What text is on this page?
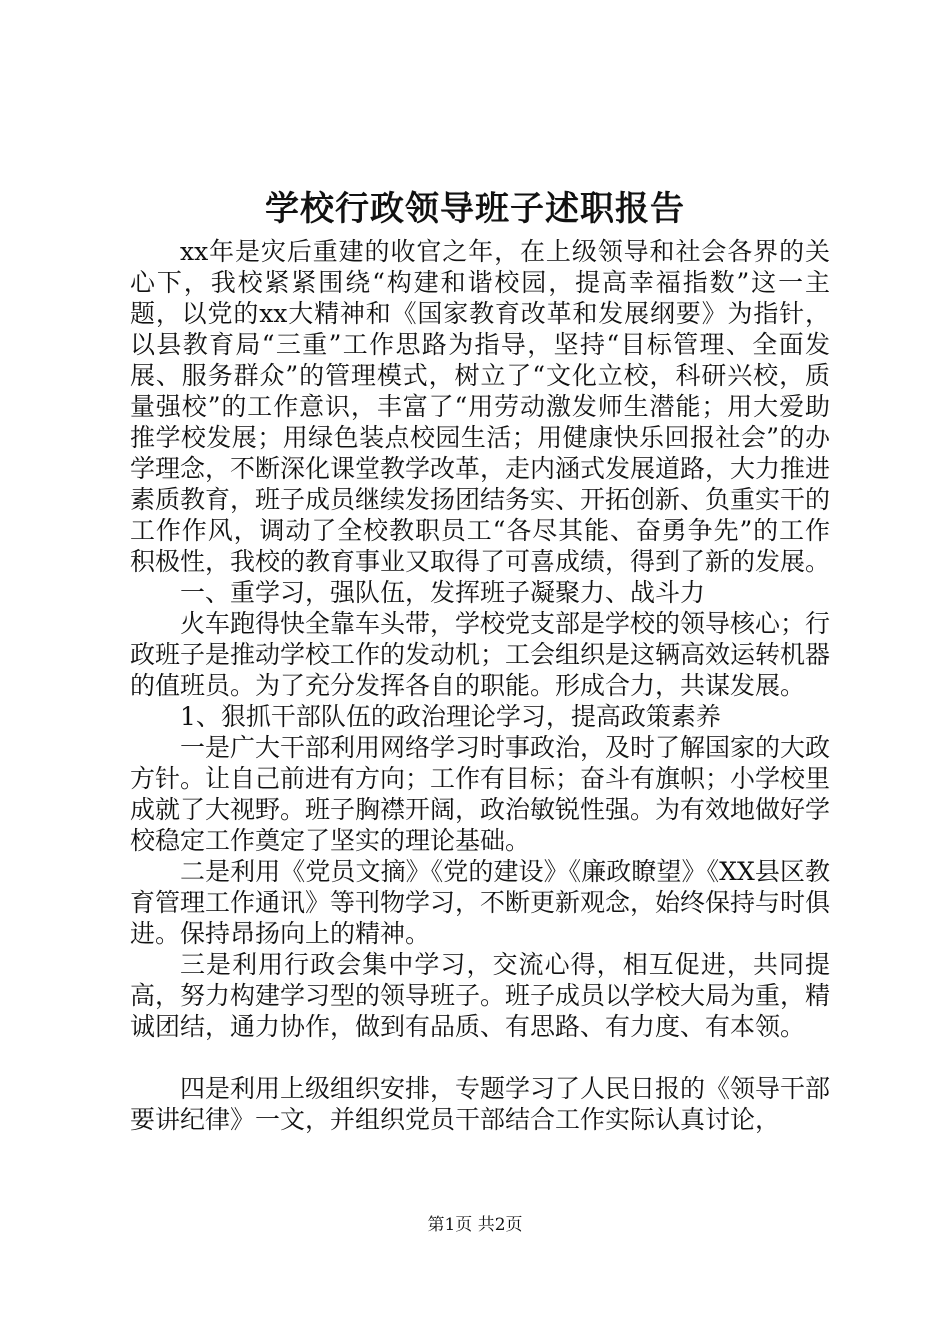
学校行政领导班子述职报告

xx年是灾后重建的收官之年，在上级领导和社会各界的关心下，我校紧紧围绕“构建和谐校园，提高幸福指数”这一主题，以党的xx大精神和《国家教育改革和发展纲要》为指针，以县教育局“三重”工作思路为指导，坚持“目标管理、全面发展、服务群众”的管理模式，树立了“文化立校，科研兴校，质量强校”的工作意识，丰富了“用劳动激发师生潜能；用大爱助推学校发展；用绿色装点校园生活；用健康快乐回报社会”的办学理念，不断深化课堂教学改革，走内涵式发展道路，大力推进素质教育，班子成员继续发扬团结务实、开拓创新、负重实干的工作作风，调动了全校教职员工“各尽其能、奋勇争先”的工作积极性，我校的教育事业又取得了可喜成绩，得到了新的发展。

一、重学习，强队伍，发挥班子凝聚力、战斗力

火车跑得快全靠车头带，学校党支部是学校的领导核心；行政班子是推动学校工作的发动机；工会组织是这辆高效运转机器的值班员。为了充分发挥各自的职能。形成合力，共谋发展。

1、狠抓干部队伍的政治理论学习，提高政策素养

一是广大干部利用网络学习时事政治，及时了解国家的大政方针。让自己前进有方向；工作有目标；奋斗有旗帜；小学校里成就了大视野。班子胸襟开阔，政治敏锐性强。为有效地做好学校稳定工作奠定了坚实的理论基础。

二是利用《党员文摘》《党的建设》《廉政瞭望》《XX县区教育管理工作通讯》等刊物学习，不断更新观念，始终保持与时俱进。保持昂扬向上的精神。

三是利用行政会集中学习，交流心得，相互促进，共同提高，努力构建学习型的领导班子。班子成员以学校大局为重，精诚团结，通力协作，做到有品质、有思路、有力度、有本领。

四是利用上级组织安排，专题学习了人民日报的《领导干部要讲纪律》一文，并组织党员干部结合工作实际认真讨论，

第1页 共2页
